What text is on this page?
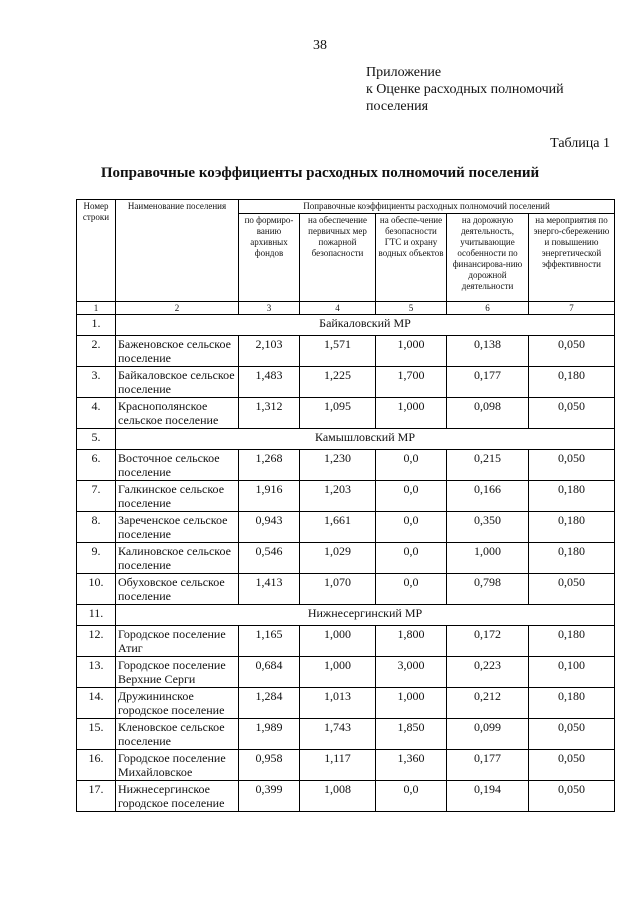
38
Приложение
к Оценке расходных полномочий
поселения
Таблица 1
Поправочные коэффициенты расходных полномочий поселений
Номер строки	Наименование поселения	Поправочные коэффициенты расходных полномочий поселений				
		по формиро-ванию архивных фондов	на обеспечение первичных мер пожарной безопасности	на обеспе-чение безопасности ГТС и охрану водных объектов	на дорожную деятельность, учитывающие особенности по финансирова-нию дорожной деятельности	на мероприятия по энерго-сбережению и повышению энергетической эффективности
1	2	3	4	5	6	7
1.	Байкаловский МР					
2.	Баженовское сельское поселение	2,103	1,571	1,000	0,138	0,050
3.	Байкаловское сельское поселение	1,483	1,225	1,700	0,177	0,180
4.	Краснополянское сельское поселение	1,312	1,095	1,000	0,098	0,050
5.	Камышловский МР					
6.	Восточное сельское поселение	1,268	1,230	0,0	0,215	0,050
7.	Галкинское сельское поселение	1,916	1,203	0,0	0,166	0,180
8.	Зареченское сельское поселение	0,943	1,661	0,0	0,350	0,180
9.	Калиновское сельское поселение	0,546	1,029	0,0	1,000	0,180
10.	Обуховское сельское поселение	1,413	1,070	0,0	0,798	0,050
11.	Нижнесергинский МР					
12.	Городское поселение Атиг	1,165	1,000	1,800	0,172	0,180
13.	Городское поселение Верхние Серги	0,684	1,000	3,000	0,223	0,100
14.	Дружининское городское поселение	1,284	1,013	1,000	0,212	0,180
15.	Кленовское сельское поселение	1,989	1,743	1,850	0,099	0,050
16.	Городское поселение Михайловское	0,958	1,117	1,360	0,177	0,050
17.	Нижнесергинское городское поселение	0,399	1,008	0,0	0,194	0,050
